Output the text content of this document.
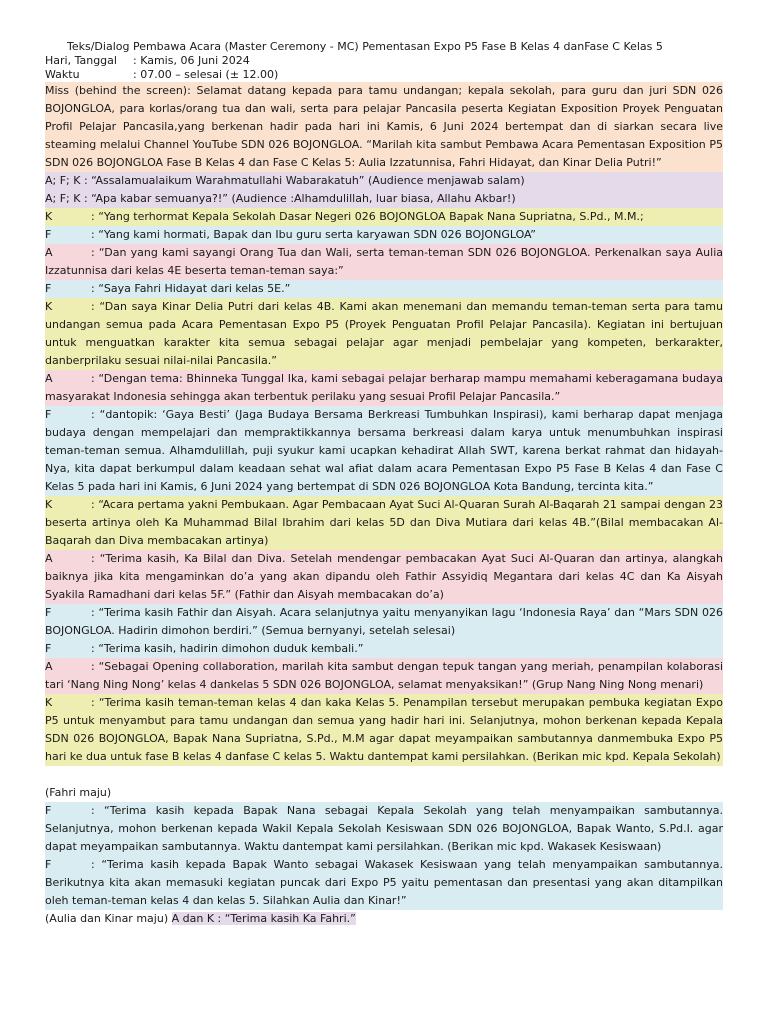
Teks/Dialog Pembawa Acara (Master Ceremony - MC) Pementasan Expo P5 Fase B Kelas 4 danFase C Kelas 5
Hari, Tanggal	: Kamis, 06 Juni 2024
Waktu	: 07.00 – selesai (± 12.00)

Miss (behind the screen): Selamat datang kepada para tamu undangan; kepala sekolah, para guru dan juri SDN 026 BOJONGLOA, para korlas/orang tua dan wali, serta para pelajar Pancasila peserta Kegiatan Exposition Proyek Penguatan Profil Pelajar Pancasila,yang berkenan hadir pada hari ini Kamis, 6 Juni 2024 bertempat dan di siarkan secara live steaming melalui Channel YouTube SDN 026 BOJONGLOA. “Marilah kita sambut Pembawa Acara Pementasan Exposition P5 SDN 026 BOJONGLOA Fase B Kelas 4 dan Fase C Kelas 5: Aulia Izzatunnisa, Fahri Hidayat, dan Kinar Delia Putri!”

A; F; K : “Assalamualaikum Warahmatullahi Wabarakatuh” (Audience menjawab salam)

A; F; K : “Apa kabar semuanya?!” (Audience :Alhamdulillah, luar biasa, Allahu Akbar!)

K	: “Yang terhormat Kepala Sekolah Dasar Negeri 026 BOJONGLOA Bapak Nana Supriatna, S.Pd., M.M.;

F	: “Yang kami hormati, Bapak dan Ibu guru serta karyawan SDN 026 BOJONGLOA”

A	: “Dan yang kami sayangi Orang Tua dan Wali, serta teman-teman SDN 026 BOJONGLOA. Perkenalkan saya Aulia Izzatunnisa dari kelas 4E beserta teman-teman saya:”

F	: “Saya Fahri Hidayat dari kelas 5E.”

K	: “Dan saya Kinar Delia Putri dari kelas 4B. Kami akan menemani dan memandu teman-teman serta para tamu undangan semua pada Acara Pementasan Expo P5 (Proyek Penguatan Profil Pelajar Pancasila). Kegiatan ini bertujuan untuk menguatkan karakter kita semua sebagai pelajar agar menjadi pembelajar yang kompeten, berkarakter, danberprilaku sesuai nilai-nilai Pancasila.”

A	: “Dengan tema: Bhinneka Tunggal Ika, kami sebagai pelajar berharap mampu memahami keberagamana budaya masyarakat Indonesia sehingga akan terbentuk perilaku yang sesuai Profil Pelajar Pancasila.”

F	: “dantopik: ‘Gaya Besti’ (Jaga Budaya Bersama Berkreasi Tumbuhkan Inspirasi), kami berharap dapat menjaga budaya dengan mempelajari dan mempraktikkannya bersama berkreasi dalam karya untuk menumbuhkan inspirasi teman-teman semua. Alhamdulillah, puji syukur kami ucapkan kehadirat Allah SWT, karena berkat rahmat dan hidayah-Nya, kita dapat berkumpul dalam keadaan sehat wal afiat dalam acara Pementasan Expo P5 Fase B Kelas 4 dan Fase C Kelas 5 pada hari ini Kamis, 6 Juni 2024 yang bertempat di SDN 026 BOJONGLOA Kota Bandung, tercinta kita.”

K	: “Acara pertama yakni Pembukaan. Agar Pembacaan Ayat Suci Al-Quaran Surah Al-Baqarah 21 sampai dengan 23 beserta artinya oleh Ka Muhammad Bilal Ibrahim dari kelas 5D dan Diva Mutiara dari kelas 4B.”(Bilal membacakan Al-Baqarah dan Diva membacakan artinya)

A	: “Terima kasih, Ka Bilal dan Diva. Setelah mendengar pembacakan Ayat Suci Al-Quaran dan artinya, alangkah baiknya jika kita mengaminkan do’a yang akan dipandu oleh Fathir Assyidiq Megantara dari kelas 4C dan Ka Aisyah Syakila Ramadhani dari kelas 5F.” (Fathir dan Aisyah membacakan do’a)

F	: “Terima kasih Fathir dan Aisyah. Acara selanjutnya yaitu menyanyikan lagu ‘Indonesia Raya’ dan “Mars SDN 026 BOJONGLOA. Hadirin dimohon berdiri.” (Semua bernyanyi, setelah selesai)

F	: “Terima kasih, hadirin dimohon duduk kembali.”

A	: “Sebagai Opening collaboration, marilah kita sambut dengan tepuk tangan yang meriah, penampilan kolaborasi tari ‘Nang Ning Nong’ kelas 4 dankelas 5 SDN 026 BOJONGLOA, selamat menyaksikan!” (Grup Nang Ning Nong menari)

K	: “Terima kasih teman-teman kelas 4 dan kaka Kelas 5. Penampilan tersebut merupakan pembuka kegiatan Expo P5 untuk menyambut para tamu undangan dan semua yang hadir hari ini. Selanjutnya, mohon berkenan kepada Kepala SDN 026 BOJONGLOA, Bapak Nana Supriatna, S.Pd., M.M agar dapat meyampaikan sambutannya danmembuka Expo P5 hari ke dua untuk fase B kelas 4 danfase C kelas 5. Waktu dantempat kami persilahkan. (Berikan mic kpd. Kepala Sekolah)

(Fahri maju)

F	: “Terima kasih kepada Bapak Nana sebagai Kepala Sekolah yang telah menyampaikan sambutannya. Selanjutnya, mohon berkenan kepada Wakil Kepala Sekolah Kesiswaan SDN 026 BOJONGLOA, Bapak Wanto, S.Pd.I. agar dapat meyampaikan sambutannya. Waktu dantempat kami persilahkan. (Berikan mic kpd. Wakasek Kesiswaan)

F	: “Terima kasih kepada Bapak Wanto sebagai Wakasek Kesiswaan yang telah menyampaikan sambutannya. Berikutnya kita akan memasuki kegiatan puncak dari Expo P5 yaitu pementasan dan presentasi yang akan ditampilkan oleh teman-teman kelas 4 dan kelas 5. Silahkan Aulia dan Kinar!”

(Aulia dan Kinar maju) A dan K : “Terima kasih Ka Fahri.”
